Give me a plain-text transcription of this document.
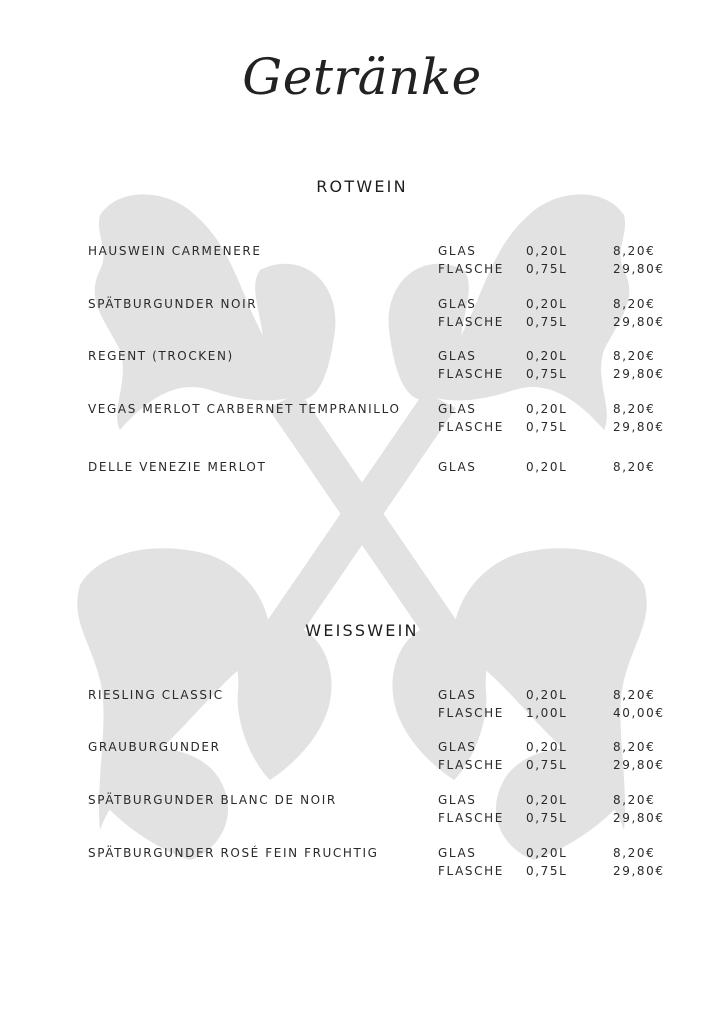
Getränke
ROTWEIN
HAUSWEIN CARMENERE	GLAS	0,20L	8,20€
FLASCHE 0,75L	29,80€
SPÄTBURGUNDER NOIR	GLAS	0,20L	8,20€
FLASCHE 0,75L	29,80€
REGENT (TROCKEN)	GLAS	0,20L	8,20€
FLASCHE 0,75L	29,80€
VEGAS MERLOT CARBERNET TEMPRANILLO	GLAS	0,20L	8,20€
FLASCHE 0,75L	29,80€
DELLE VENEZIE MERLOT	GLAS	0,20L	8,20€
WEISSWEIN
RIESLING CLASSIC	GLAS	0,20L	8,20€
FLASCHE 1,00L	40,00€
GRAUBURGUNDER	GLAS	0,20L	8,20€
FLASCHE 0,75L	29,80€
SPÄTBURGUNDER BLANC DE NOIR	GLAS	0,20L	8,20€
FLASCHE 0,75L	29,80€
SPÄTBURGUNDER ROSÉ FEIN FRUCHTIG	GLAS	0,20L	8,20€
FLASCHE 0,75L	29,80€
